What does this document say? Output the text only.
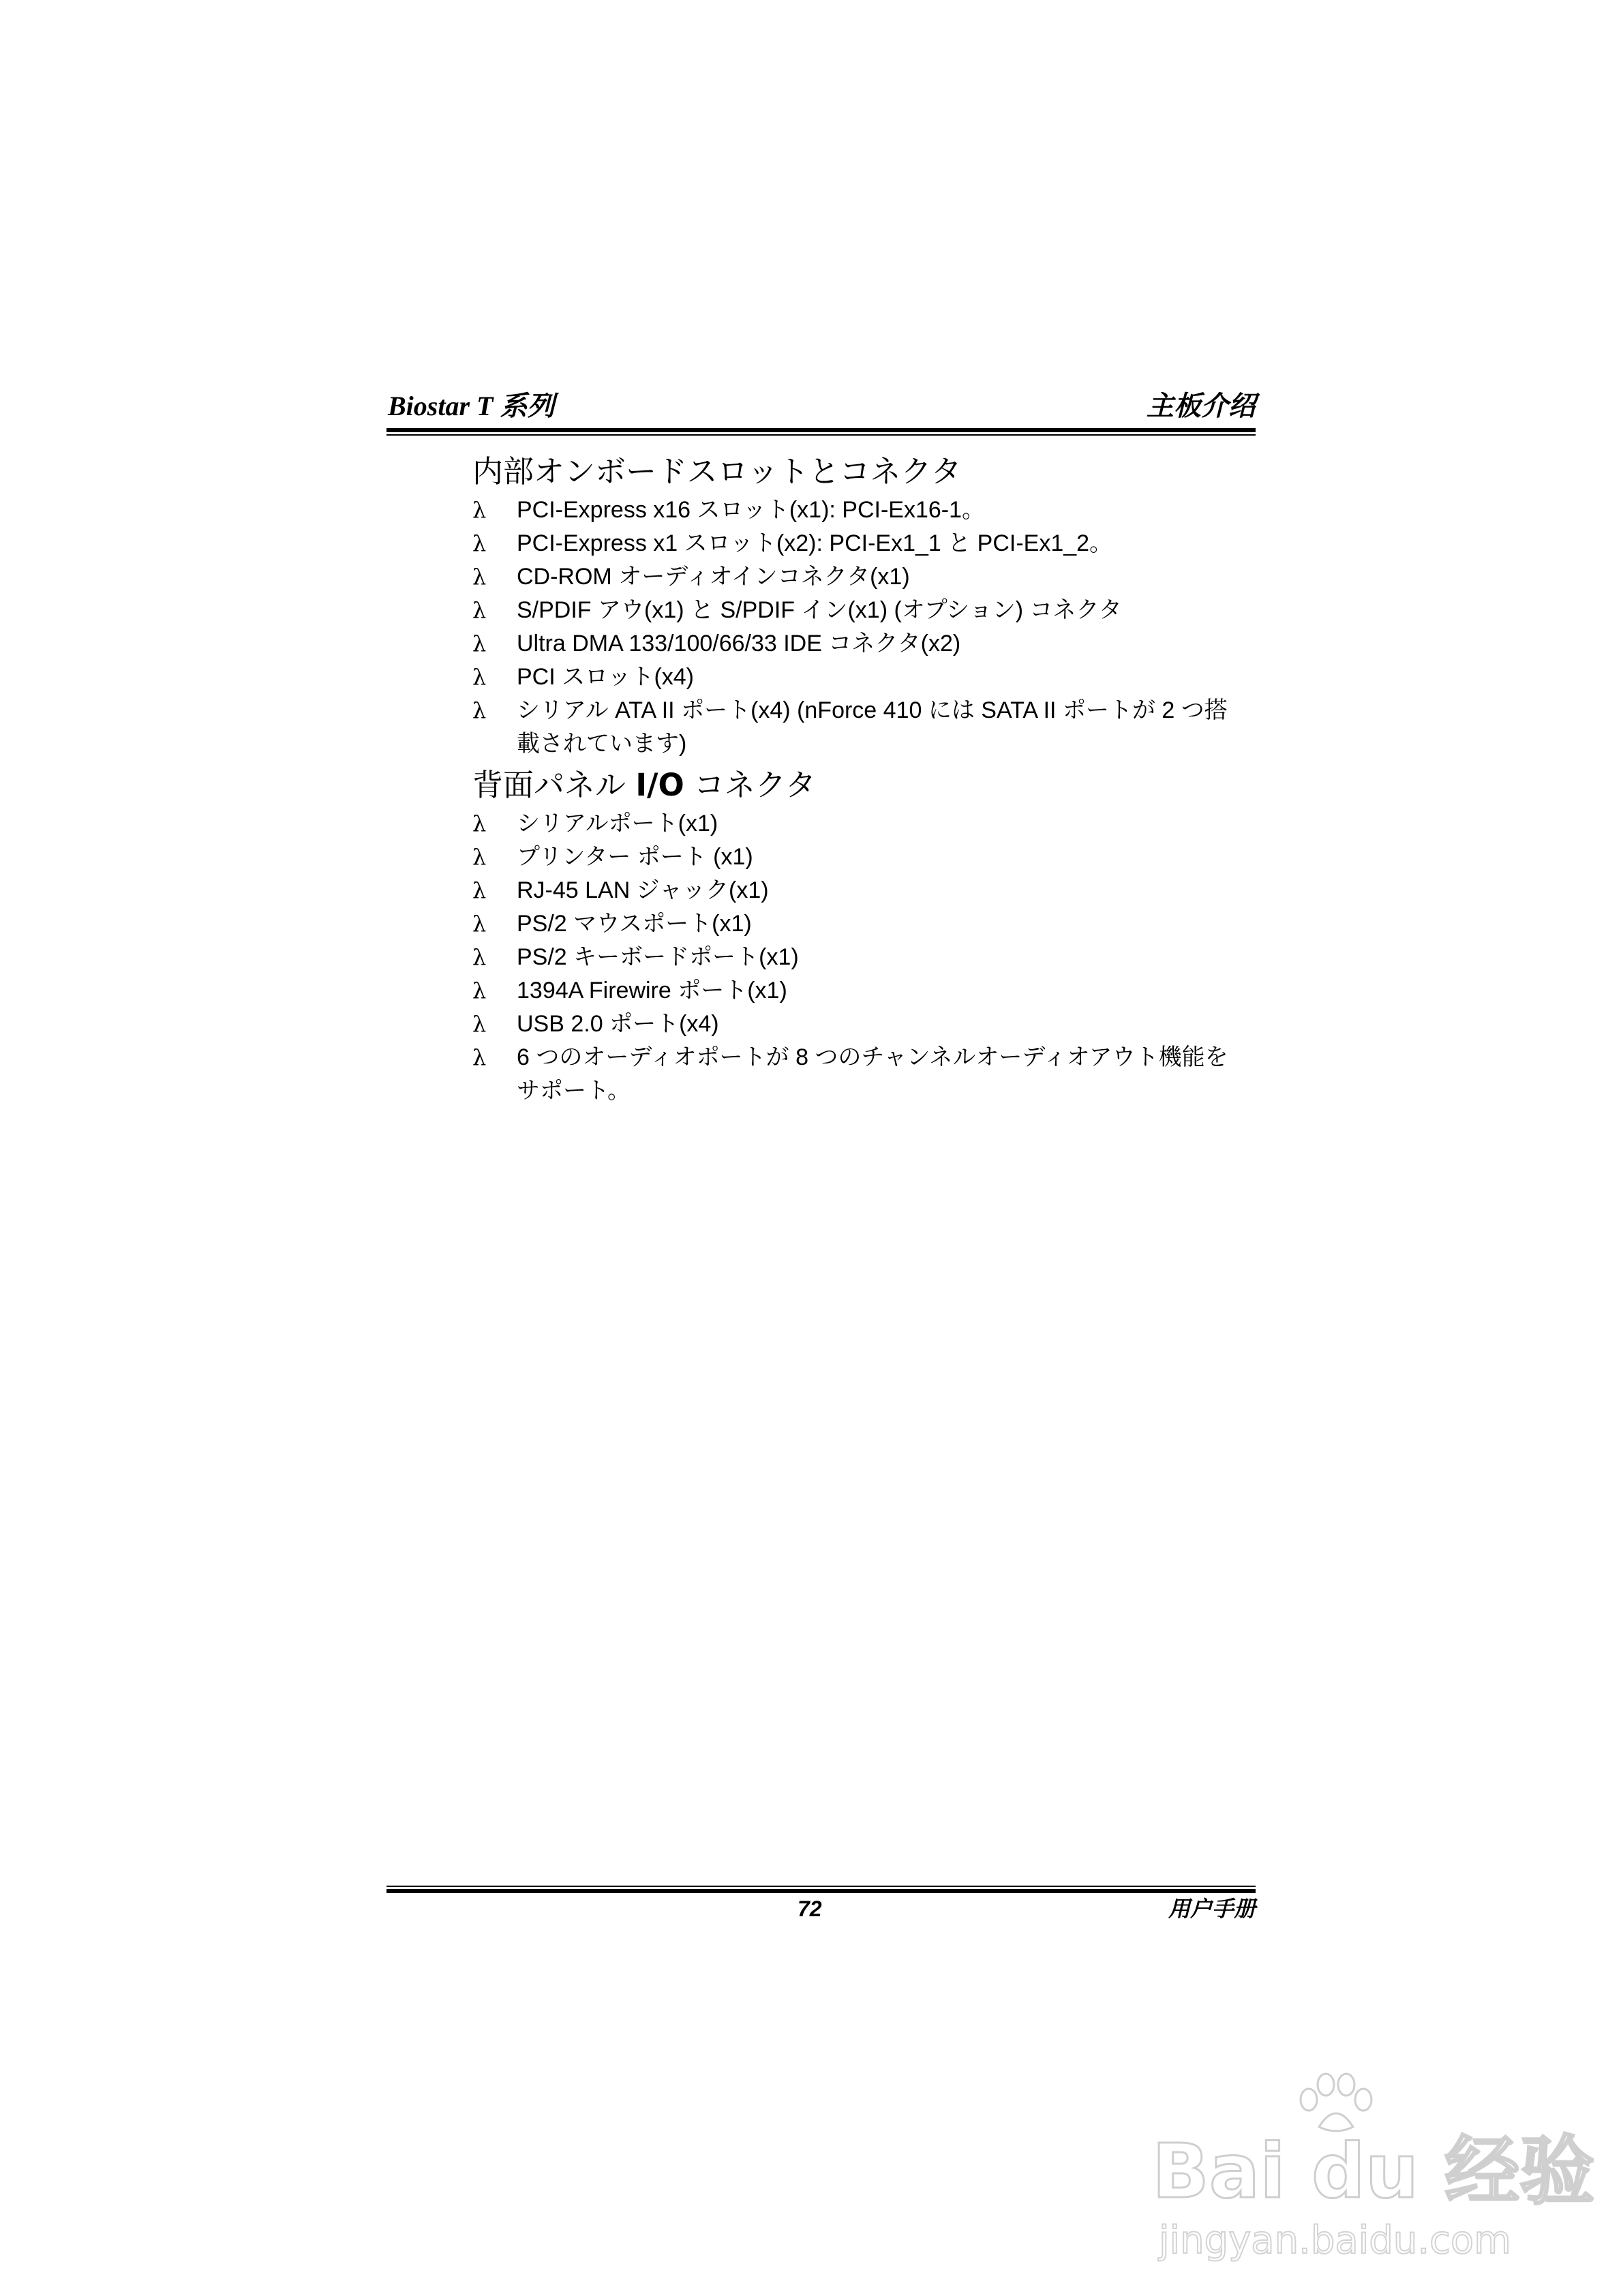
Biostar T 系列	主板介绍
内部オンボードスロットとコネクタ
λ PCI-Express x16 スロット(x1): PCI-Ex16-1。
λ PCI-Express x1 スロット(x2): PCI-Ex1_1 と PCI-Ex1_2。
λ CD-ROM オーディオインコネクタ(x1)
λ S/PDIF アウ(x1) と S/PDIF イン(x1) (オプション) コネクタ
λ Ultra DMA 133/100/66/33 IDE コネクタ(x2)
λ PCI スロット(x4)
λ シリアル ATA II ポート(x4) (nForce 410 には SATA II ポートが 2 つ搭載されています)
背面パネル I/O コネクタ
λ シリアルポート(x1)
λ プリンター ポート (x1)
λ RJ-45 LAN ジャック(x1)
λ PS/2 マウスポート(x1)
λ PS/2 キーボードポート(x1)
λ 1394A Firewire ポート(x1)
λ USB 2.0 ポート(x4)
λ 6 つのオーディオポートが 8 つのチャンネルオーディオアウト機能をサポート。
72	用户手册
Bai du 经验
jingyan.baidu.com
